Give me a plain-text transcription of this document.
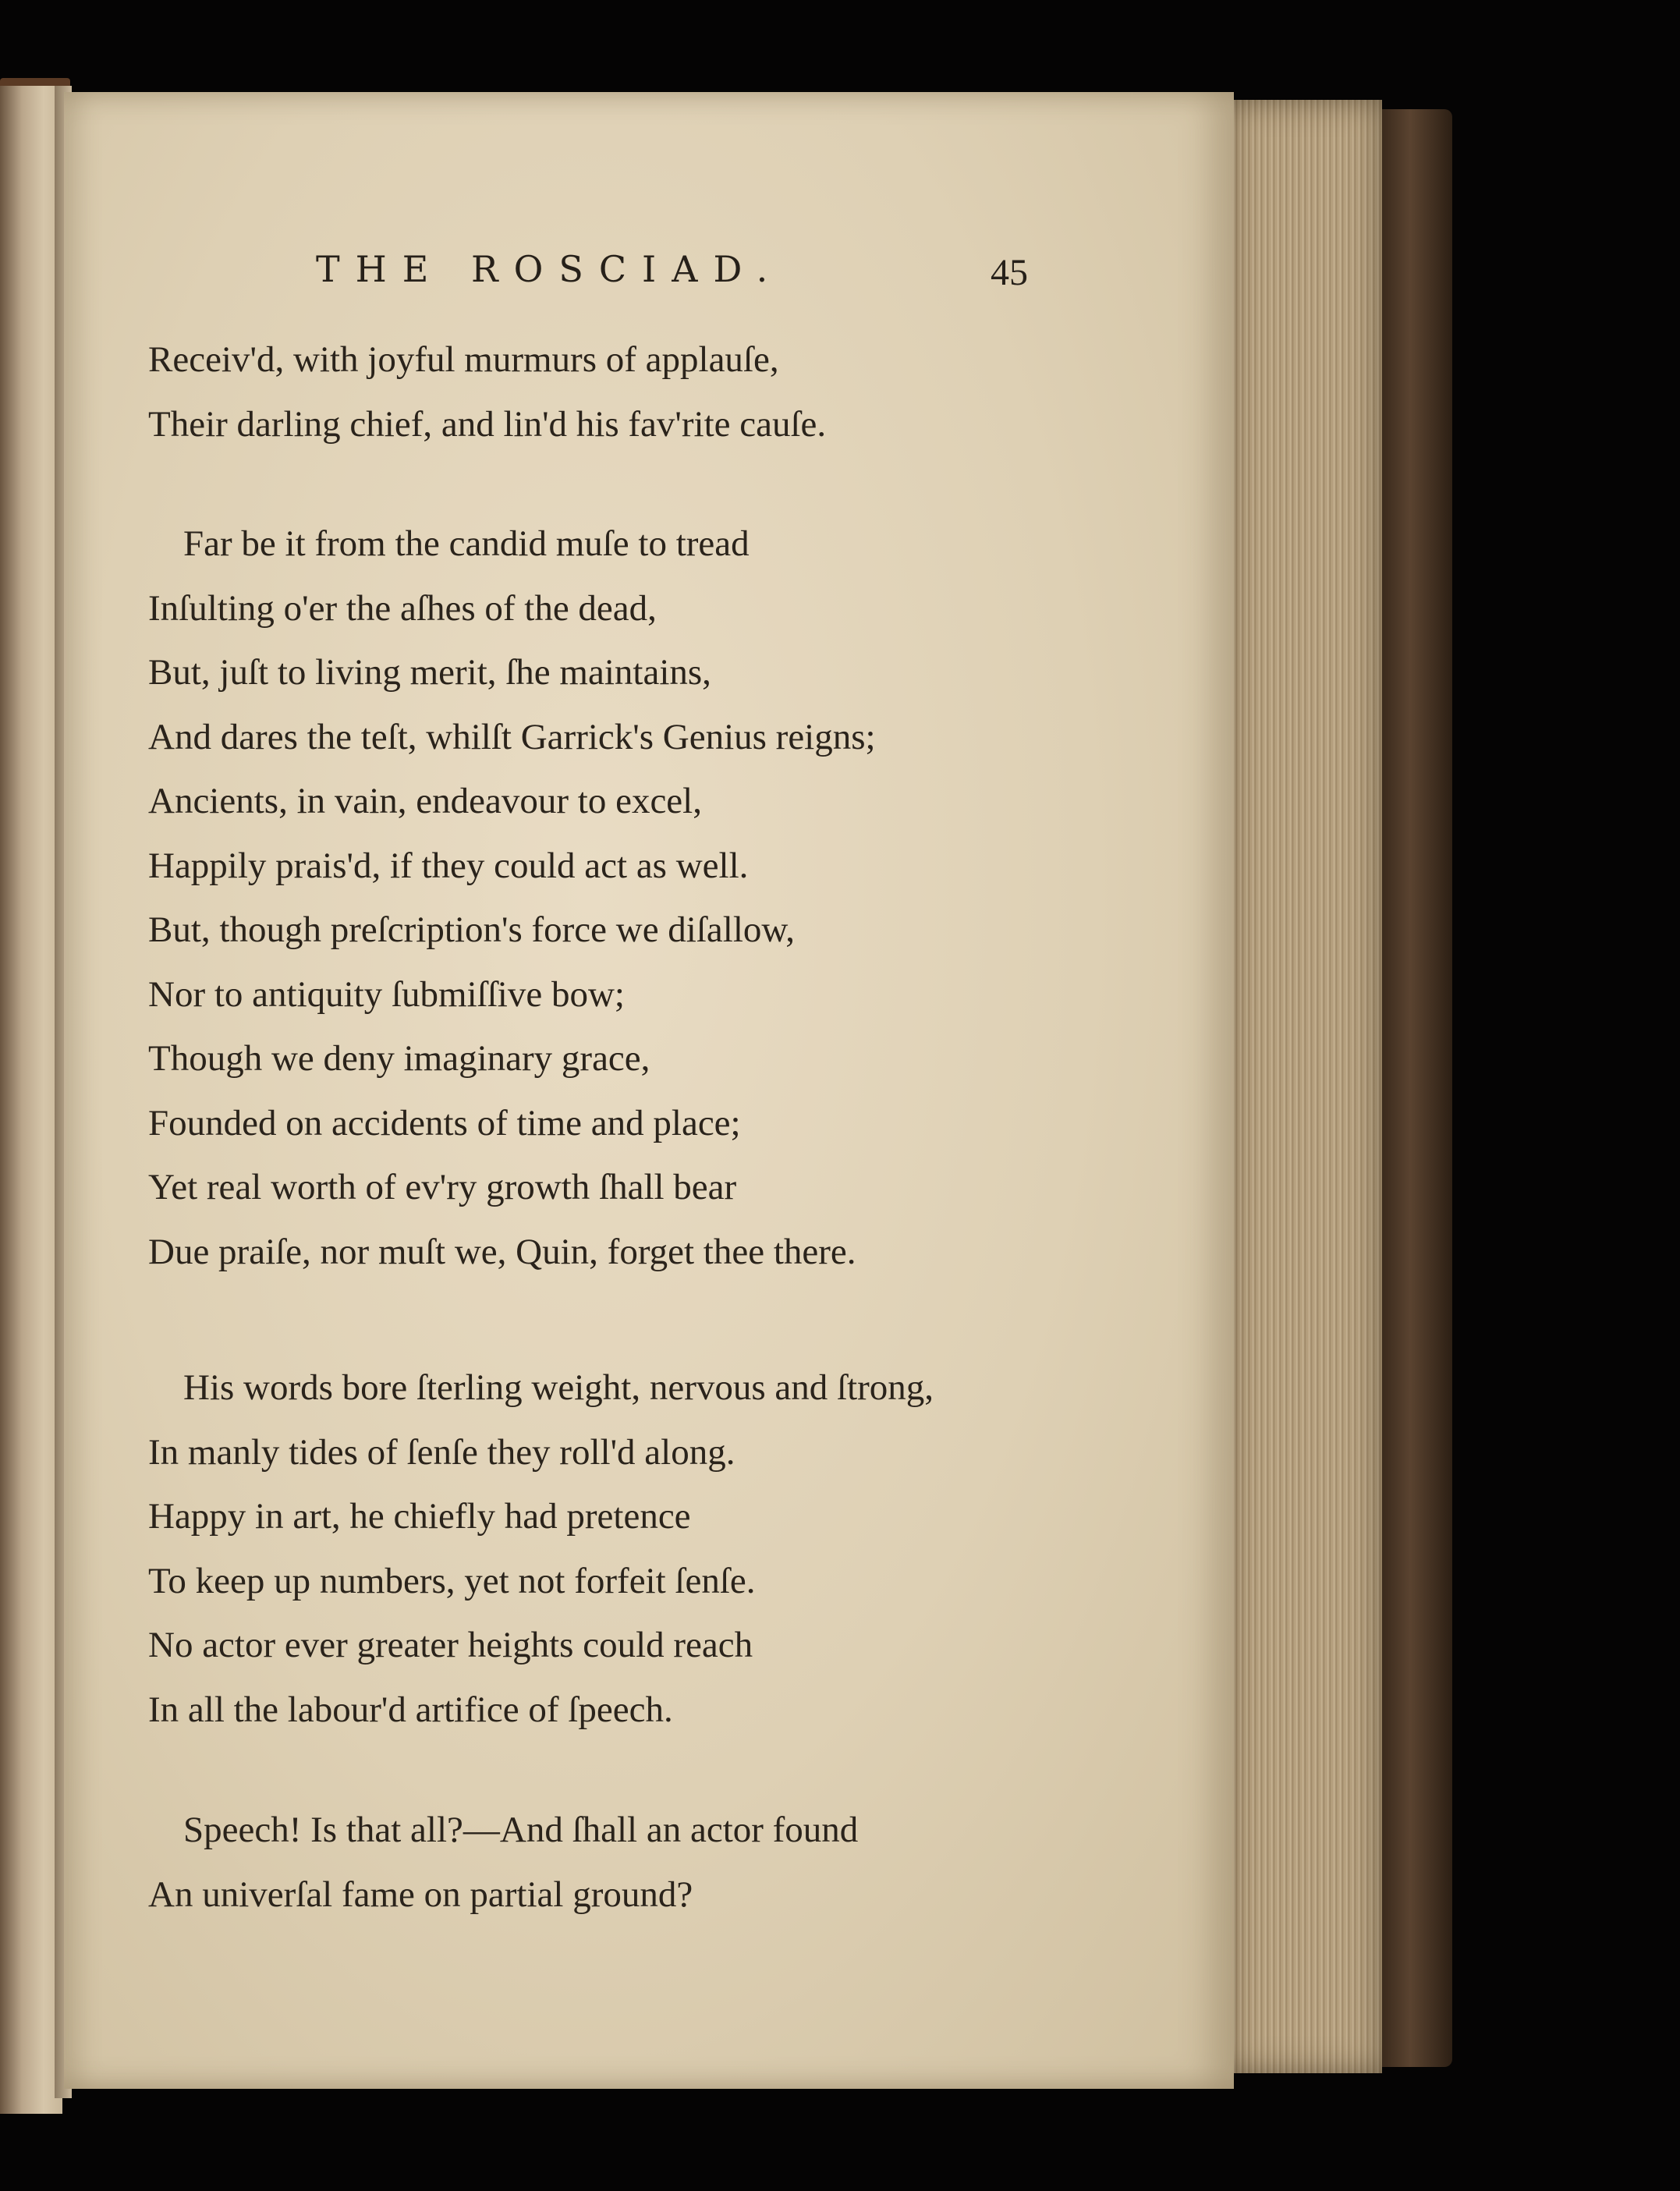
THE ROSCIAD.	45
Receiv'd, with joyful murmurs of applauſe,
Their darling chief, and lin'd his fav'rite cauſe.
Far be it from the candid muſe to tread
Inſulting o'er the aſhes of the dead,
But, juſt to living merit, ſhe maintains,
And dares the teſt, whilſt Garrick's Genius reigns;
Ancients, in vain, endeavour to excel,
Happily prais'd, if they could act as well.
But, though preſcription's force we diſallow,
Nor to antiquity ſubmiſſive bow;
Though we deny imaginary grace,
Founded on accidents of time and place;
Yet real worth of ev'ry growth ſhall bear
Due praiſe, nor muſt we, Quin, forget thee there.
His words bore ſterling weight, nervous and ſtrong,
In manly tides of ſenſe they roll'd along.
Happy in art, he chiefly had pretence
To keep up numbers, yet not forfeit ſenſe.
No actor ever greater heights could reach
In all the labour'd artifice of ſpeech.
Speech! Is that all?—And ſhall an actor found
An univerſal fame on partial ground?
